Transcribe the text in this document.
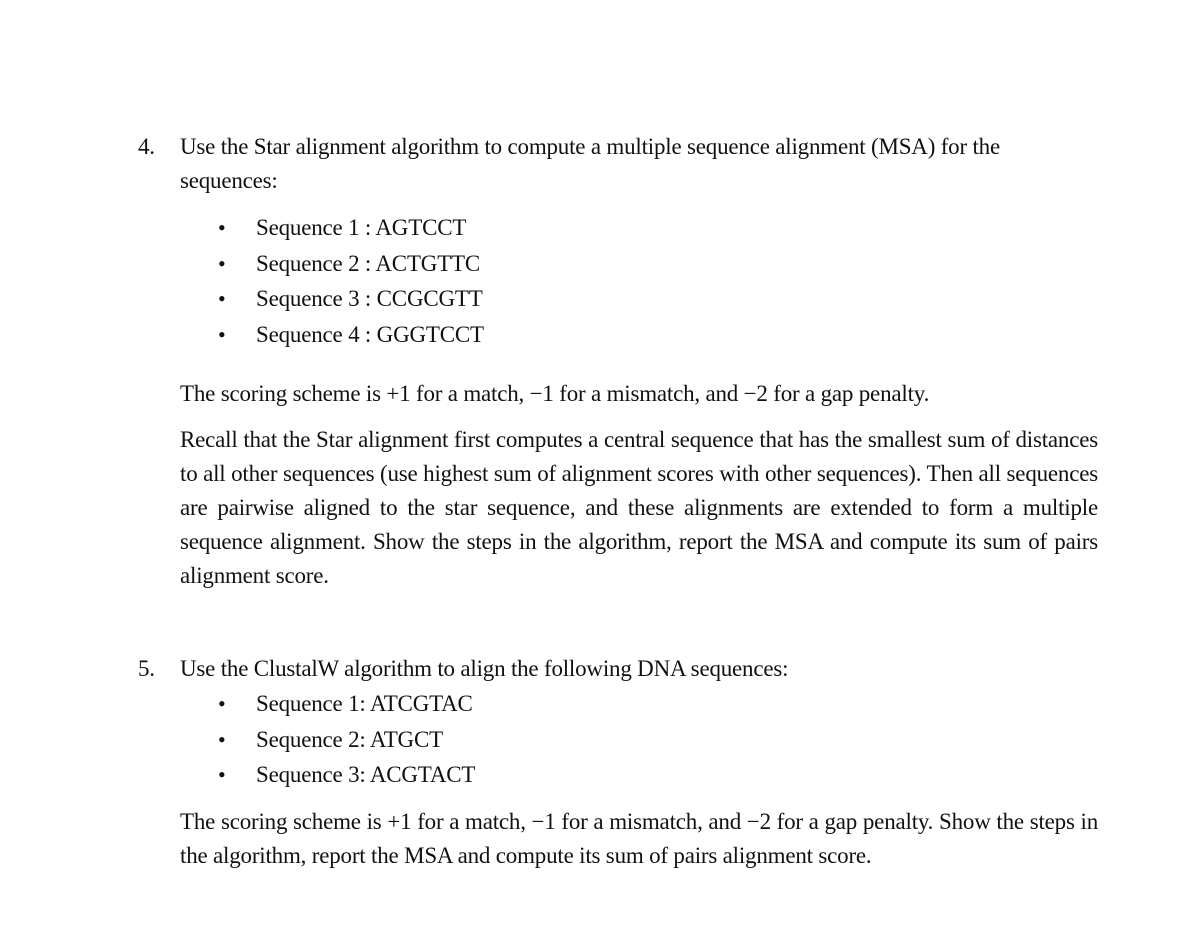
4.	Use the Star alignment algorithm to compute a multiple sequence alignment (MSA) for the sequences:
• Sequence 1 : AGTCCT
• Sequence 2 : ACTGTTC
• Sequence 3 : CCGCGTT
• Sequence 4 : GGGTCCT

The scoring scheme is +1 for a match, −1 for a mismatch, and −2 for a gap penalty.

Recall that the Star alignment first computes a central sequence that has the smallest sum of distances to all other sequences (use highest sum of alignment scores with other sequences). Then all sequences are pairwise aligned to the star sequence, and these alignments are extended to form a multiple sequence alignment. Show the steps in the algorithm, report the MSA and compute its sum of pairs alignment score.

5.	Use the ClustalW algorithm to align the following DNA sequences:
• Sequence 1: ATCGTAC
• Sequence 2: ATGCT
• Sequence 3: ACGTACT

The scoring scheme is +1 for a match, −1 for a mismatch, and −2 for a gap penalty. Show the steps in the algorithm, report the MSA and compute its sum of pairs alignment score.
